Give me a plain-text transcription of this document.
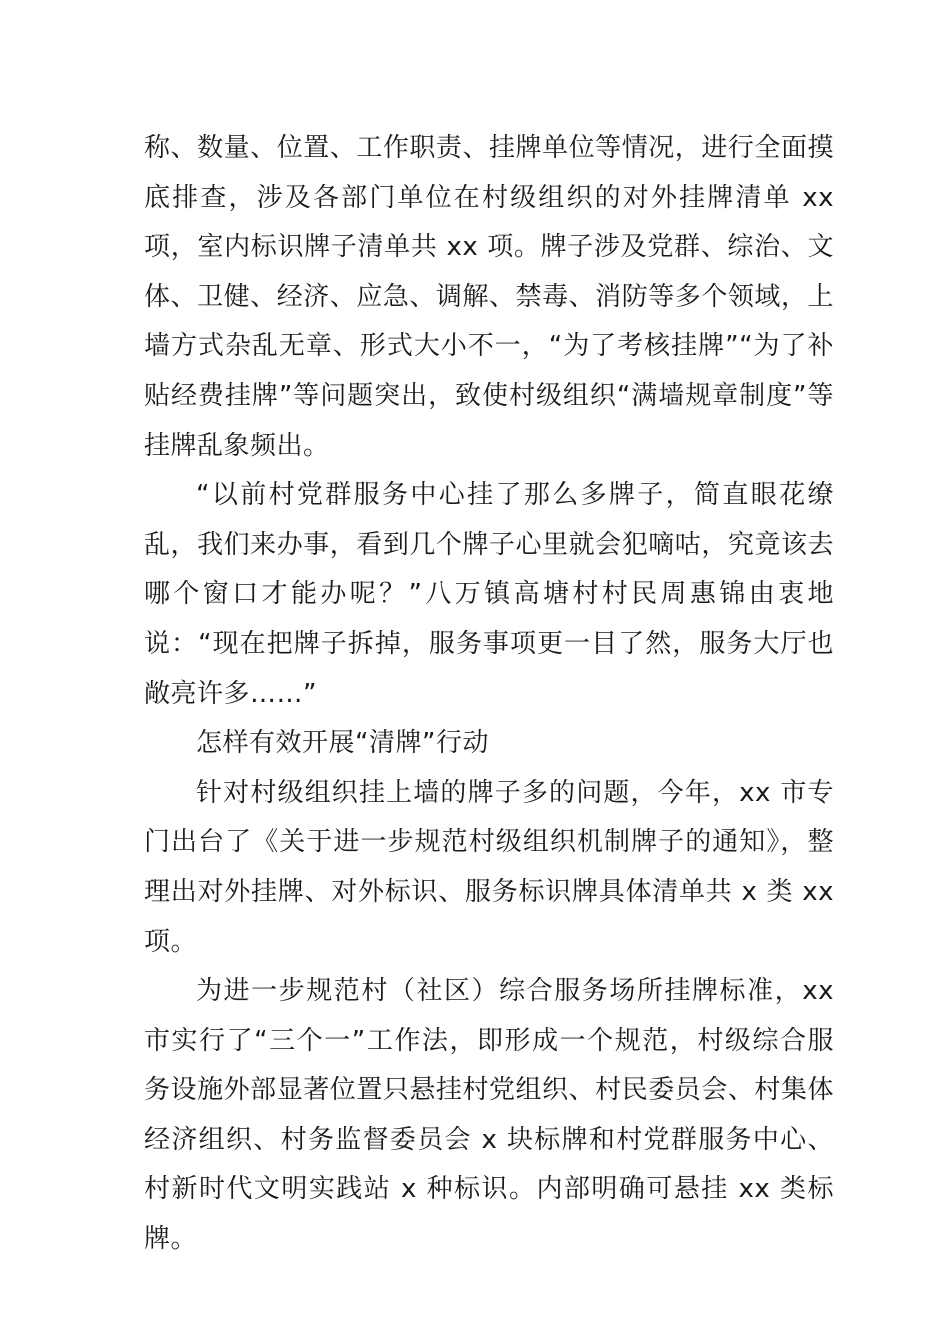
称、数量、位置、工作职责、挂牌单位等情况，进行全面摸底排查，涉及各部门单位在村级组织的对外挂牌清单 xx 项，室内标识牌子清单共 xx 项。牌子涉及党群、综治、文体、卫健、经济、应急、调解、禁毒、消防等多个领域，上墙方式杂乱无章、形式大小不一，“为了考核挂牌”“为了补贴经费挂牌”等问题突出，致使村级组织“满墙规章制度”等挂牌乱象频出。

“以前村党群服务中心挂了那么多牌子，简直眼花缭乱，我们来办事，看到几个牌子心里就会犯嘀咕，究竟该去哪个窗口才能办呢？”八万镇高塘村村民周惠锦由衷地说：“现在把牌子拆掉，服务事项更一目了然，服务大厅也敞亮许多……”

怎样有效开展“清牌”行动

针对村级组织挂上墙的牌子多的问题，今年，xx 市专门出台了《关于进一步规范村级组织机制牌子的通知》，整理出对外挂牌、对外标识、服务标识牌具体清单共 x 类 xx 项。

为进一步规范村（社区）综合服务场所挂牌标准，xx 市实行了“三个一”工作法，即形成一个规范，村级综合服务设施外部显著位置只悬挂村党组织、村民委员会、村集体经济组织、村务监督委员会 x 块标牌和村党群服务中心、村新时代文明实践站 x 种标识。内部明确可悬挂 xx 类标牌。
